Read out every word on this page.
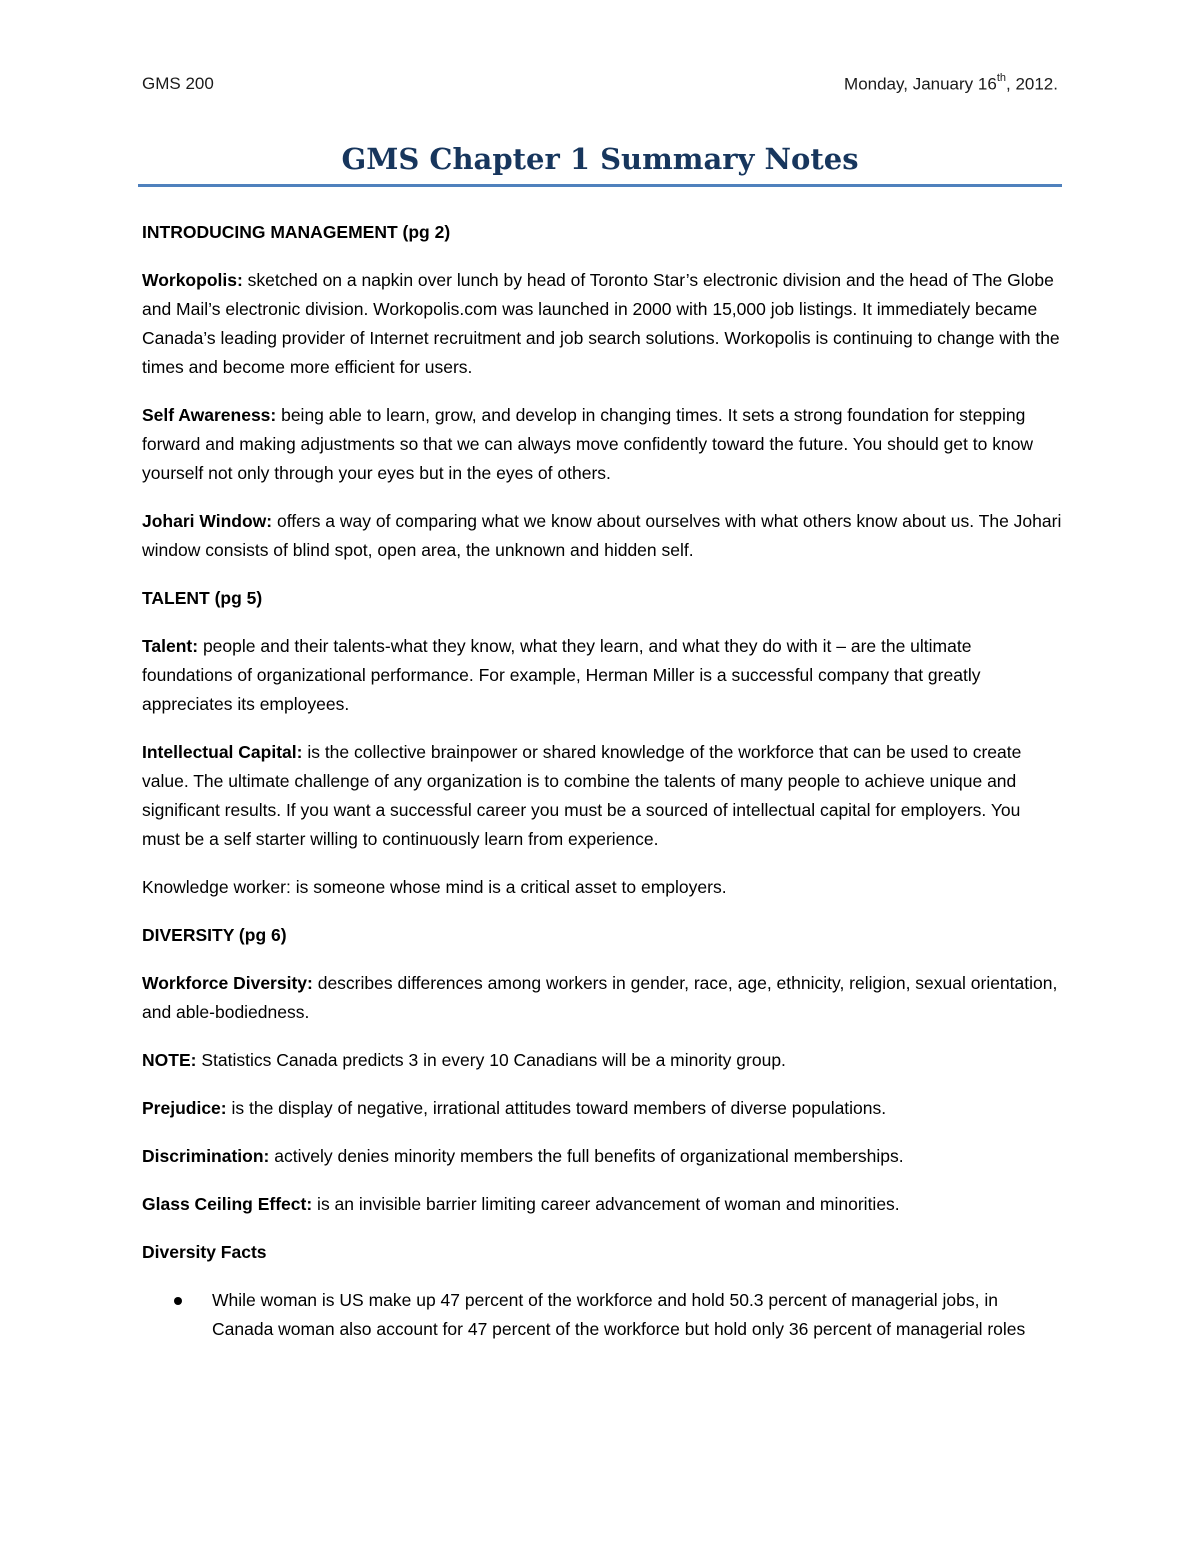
GMS 200	Monday, January 16th, 2012.
GMS Chapter 1 Summary Notes

INTRODUCING MANAGEMENT (pg 2)

Workopolis: sketched on a napkin over lunch by head of Toronto Star’s electronic division and the head of The Globe and Mail’s electronic division. Workopolis.com was launched in 2000 with 15,000 job listings. It immediately became Canada’s leading provider of Internet recruitment and job search solutions. Workopolis is continuing to change with the times and become more efficient for users.

Self Awareness: being able to learn, grow, and develop in changing times. It sets a strong foundation for stepping forward and making adjustments so that we can always move confidently toward the future. You should get to know yourself not only through your eyes but in the eyes of others.

Johari Window: offers a way of comparing what we know about ourselves with what others know about us. The Johari window consists of blind spot, open area, the unknown and hidden self.

TALENT (pg 5)

Talent: people and their talents-what they know, what they learn, and what they do with it – are the ultimate foundations of organizational performance. For example, Herman Miller is a successful company that greatly appreciates its employees.

Intellectual Capital: is the collective brainpower or shared knowledge of the workforce that can be used to create value. The ultimate challenge of any organization is to combine the talents of many people to achieve unique and significant results. If you want a successful career you must be a sourced of intellectual capital for employers. You must be a self starter willing to continuously learn from experience.

Knowledge worker: is someone whose mind is a critical asset to employers.

DIVERSITY (pg 6)

Workforce Diversity: describes differences among workers in gender, race, age, ethnicity, religion, sexual orientation, and able-bodiedness.

NOTE: Statistics Canada predicts 3 in every 10 Canadians will be a minority group.

Prejudice: is the display of negative, irrational attitudes toward members of diverse populations.

Discrimination: actively denies minority members the full benefits of organizational memberships.

Glass Ceiling Effect: is an invisible barrier limiting career advancement of woman and minorities.

Diversity Facts

While woman is US make up 47 percent of the workforce and hold 50.3 percent of managerial jobs, in Canada woman also account for 47 percent of the workforce but hold only 36 percent of managerial roles
